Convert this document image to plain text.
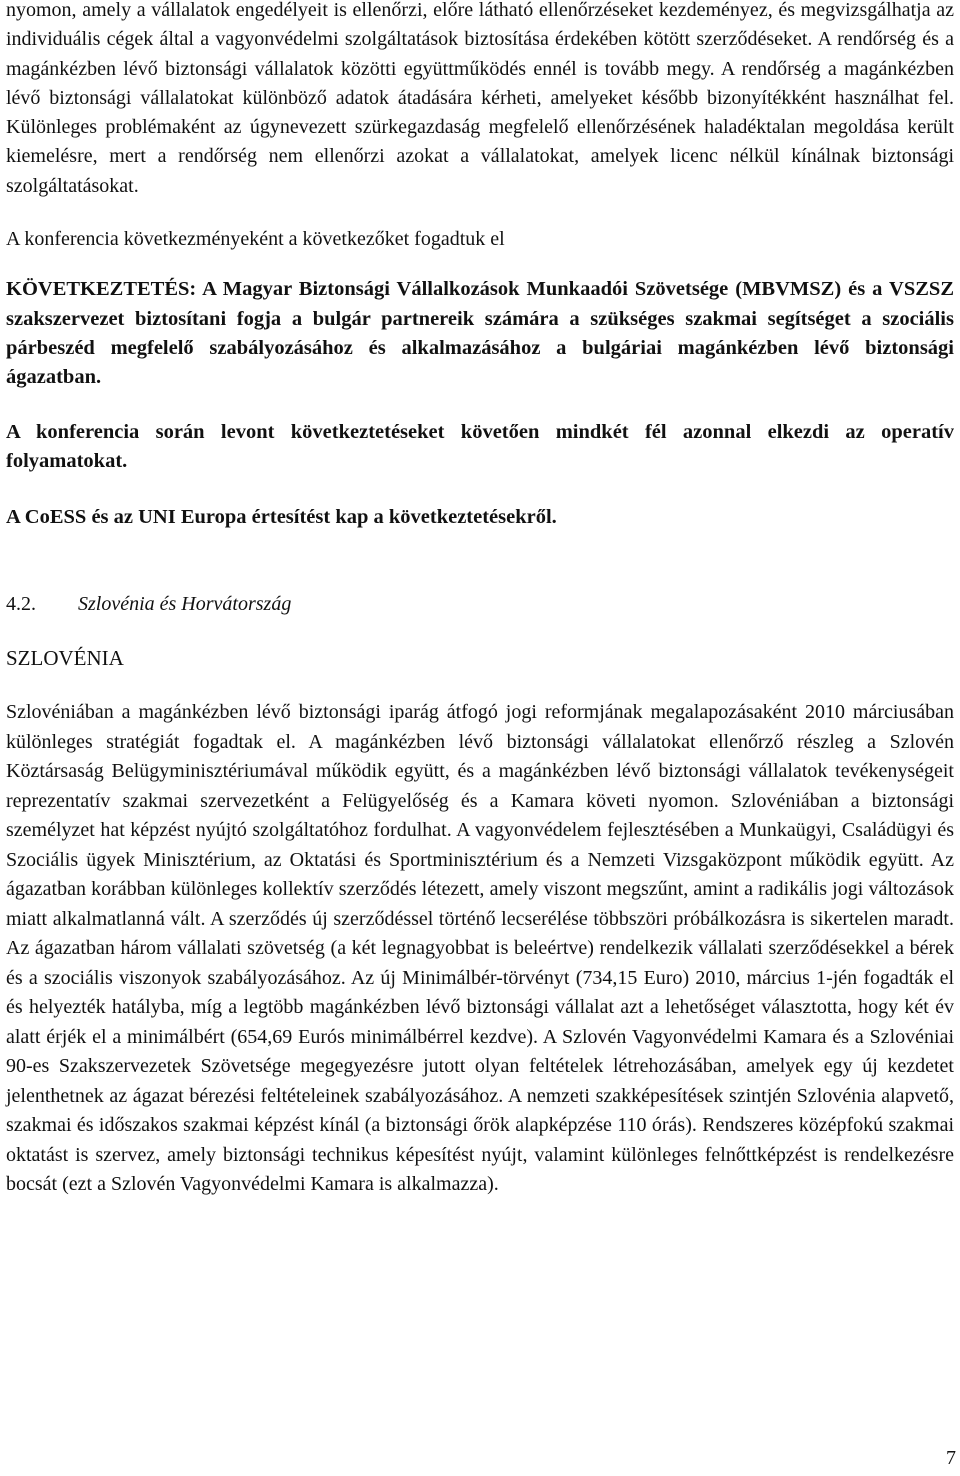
nyomon, amely a vállalatok engedélyeit is ellenőrzi, előre látható ellenőrzéseket kezdeményez, és megvizsgálhatja az individuális cégek által a vagyonvédelmi szolgáltatások biztosítása érdekében kötött szerződéseket. A rendőrség és a magánkézben lévő biztonsági vállalatok közötti együttműködés ennél is tovább megy. A rendőrség a magánkézben lévő biztonsági vállalatokat különböző adatok átadására kérheti, amelyeket később bizonyítékként használhat fel. Különleges problémaként az úgynevezett szürkegazdaság megfelelő ellenőrzésének haladéktalan megoldása került kiemelésre, mert a rendőrség nem ellenőrzi azokat a vállalatokat, amelyek licenc nélkül kínálnak biztonsági szolgáltatásokat.

A konferencia következményeként a következőket fogadtuk el

KÖVETKEZTETÉS: A Magyar Biztonsági Vállalkozások Munkaadói Szövetsége (MBVMSZ) és a VSZSZ szakszervezet biztosítani fogja a bulgár partnereik számára a szükséges szakmai segítséget a szociális párbeszéd megfelelő szabályozásához és alkalmazásához a bulgáriai magánkézben lévő biztonsági ágazatban.

A konferencia során levont következtetéseket követően mindkét fél azonnal elkezdi az operatív folyamatokat.

A CoESS és az UNI Europa értesítést kap a következtetésekről.

4.2. Szlovénia és Horvátország

SZLOVÉNIA

Szlovéniában a magánkézben lévő biztonsági iparág átfogó jogi reformjának megalapozásaként 2010 márciusában különleges stratégiát fogadtak el. A magánkézben lévő biztonsági vállalatokat ellenőrző részleg a Szlovén Köztársaság Belügyminisztériumával működik együtt, és a magánkézben lévő biztonsági vállalatok tevékenységeit reprezentatív szakmai szervezetként a Felügyelőség és a Kamara követi nyomon. Szlovéniában a biztonsági személyzet hat képzést nyújtó szolgáltatóhoz fordulhat. A vagyonvédelem fejlesztésében a Munkaügyi, Családügyi és Szociális ügyek Minisztérium, az Oktatási és Sportminisztérium és a Nemzeti Vizsgaközpont működik együtt. Az ágazatban korábban különleges kollektív szerződés létezett, amely viszont megszűnt, amint a radikális jogi változások miatt alkalmatlanná vált. A szerződés új szerződéssel történő lecserélése többszöri próbálkozásra is sikertelen maradt. Az ágazatban három vállalati szövetség (a két legnagyobbat is beleértve) rendelkezik vállalati szerződésekkel a bérek és a szociális viszonyok szabályozásához. Az új Minimálbér-törvényt (734,15 Euro) 2010, március 1-jén fogadták el és helyezték hatályba, míg a legtöbb magánkézben lévő biztonsági vállalat azt a lehetőséget választotta, hogy két év alatt érjék el a minimálbért (654,69 Eurós minimálbérrel kezdve). A Szlovén Vagyonvédelmi Kamara és a Szlovéniai 90-es Szakszervezetek Szövetsége megegyezésre jutott olyan feltételek létrehozásában, amelyek egy új kezdetet jelenthetnek az ágazat bérezési feltételeinek szabályozásához. A nemzeti szakképesítések szintjén Szlovénia alapvető, szakmai és időszakos szakmai képzést kínál (a biztonsági őrök alapképzése 110 órás). Rendszeres középfokú szakmai oktatást is szervez, amely biztonsági technikus képesítést nyújt, valamint különleges felnőttképzést is rendelkezésre bocsát (ezt a Szlovén Vagyonvédelmi Kamara is alkalmazza).

7
